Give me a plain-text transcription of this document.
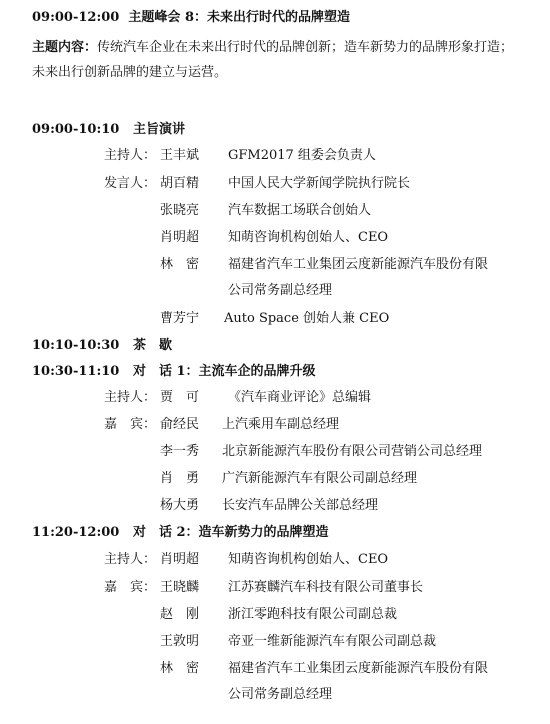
09:00-12:00 主题峰会 8：未来出行时代的品牌塑造
主题内容：传统汽车企业在未来出行时代的品牌创新；造车新势力的品牌形象打造；
未来出行创新品牌的建立与运营。
09:00-10:10 主旨演讲
主持人： 王丰斌	GFM2017 组委会负责人
发言人： 胡百精	中国人民大学新闻学院执行院长
张晓亮	汽车数据工场联合创始人
肖明超	知萌咨询机构创始人、CEO
林　密	福建省汽车工业集团云度新能源汽车股份有限
公司常务副总经理
曹芳宁	Auto Space 创始人兼 CEO
10:10-10:30 茶　歇
10:30-11:10 对　话 1：主流车企的品牌升级
主持人： 贾　可	《汽车商业评论》总编辑
嘉　宾： 俞经民	上汽乘用车副总经理
李一秀	北京新能源汽车股份有限公司营销公司总经理
肖　勇	广汽新能源汽车有限公司副总经理
杨大勇	长安汽车品牌公关部总经理
11:20-12:00 对　话 2：造车新势力的品牌塑造
主持人： 肖明超	知萌咨询机构创始人、CEO
嘉　宾： 王晓麟	江苏赛麟汽车科技有限公司董事长
赵　刚	浙江零跑科技有限公司副总裁
王敦明	帝亚一维新能源汽车有限公司副总裁
林　密	福建省汽车工业集团云度新能源汽车股份有限
公司常务副总经理
